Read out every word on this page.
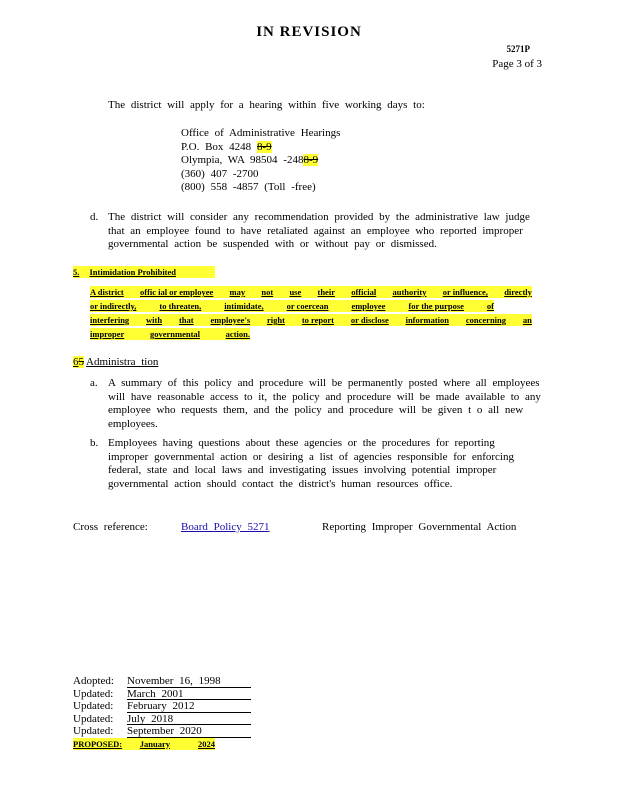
IN REVISION
5271P
Page 3 of 3
The district will apply for a hearing within five working days to:
Office of Administrative Hearings
P.O. Box 4248 8-9
Olympia, WA 98504 -2488-9
(360) 407 -2700
(800) 558 -4857 (Toll -free)
d. The district will consider any recommendation provided by the administrative law judge
that an employee found to have retaliated against an employee who reported improper
governmental action be suspended with or without pay or dismissed.
5. Intimidation Prohibited
A district offic ial or employee may not use their official authority or influence, directly
or indirectly,	to threaten,	intimidate,	or coercean	employee	for the purpose	of
interfering with that employee's right to report or disclose information concerning an
improper	governmental	action.
65 Administra tion
a. A summary of this policy and procedure will be permanently posted where all employees
will have reasonable access to it, the policy and procedure will be made available to any
employee who requests them, and the policy and procedure will be given t o all new
employees.
b. Employees having questions about these agencies or the procedures for reporting
improper governmental action or desiring a list of agencies responsible for enforcing
federal, state and local laws and investigating issues involving potential improper
governmental action should contact the district's human resources office.
Cross reference:	Board Policy 5271	Reporting Improper Governmental Action
Adopted:	November 16, 1998
Updated:	March 2001
Updated:	February 2012
Updated:	July 2018
Updated:	September 2020
PROPOSED: January	2024
